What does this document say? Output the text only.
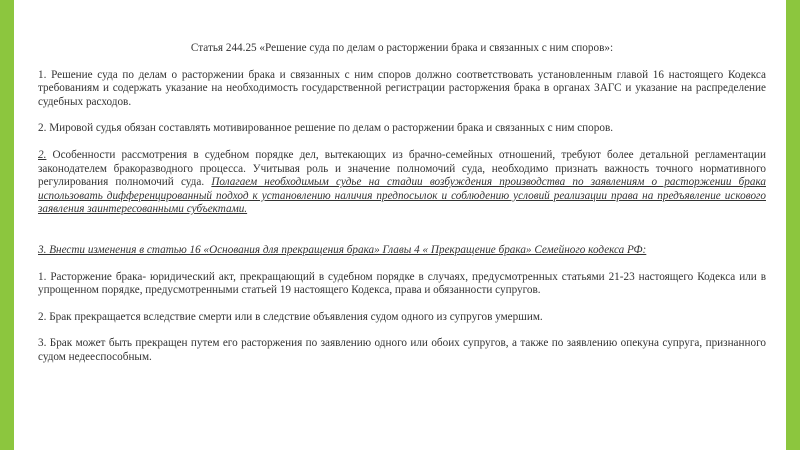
Статья 244.25 «Решение суда по делам о расторжении брака и связанных с ним споров»:

1. Решение суда по делам о расторжении брака и связанных с ним споров должно соответствовать установленным главой 16 настоящего Кодекса требованиям и содержать указание на необходимость государственной регистрации расторжения брака в органах ЗАГС и указание на распределение судебных расходов.

2. Мировой судья обязан составлять мотивированное решение по делам о расторжении брака и связанных с ним споров.

2. Особенности рассмотрения в судебном порядке дел, вытекающих из брачно-семейных отношений, требуют более детальной регламентации законодателем бракоразводного процесса. Учитывая роль и значение полномочий суда, необходимо признать важность точного нормативного регулирования полномочий суда. Полагаем необходимым судье на стадии возбуждения производства по заявлениям о расторжении брака использовать дифференцированный подход к установлению наличия предпосылок и соблюдению условий реализации права на предъявление искового заявления заинтересованными субъектами.

3. Внести изменения в статью 16 «Основания для прекращения брака» Главы 4 « Прекращение брака» Семейного кодекса РФ:

1. Расторжение брака- юридический акт, прекращающий в судебном порядке в случаях, предусмотренных статьями 21-23 настоящего Кодекса или в упрощенном порядке, предусмотренными статьей 19 настоящего Кодекса, права и обязанности супругов.

2. Брак прекращается вследствие смерти или в следствие объявления судом одного из супругов умершим.

3. Брак может быть прекращен путем его расторжения по заявлению одного или обоих супругов, а также по заявлению опекуна супруга, признанного судом недееспособным.
